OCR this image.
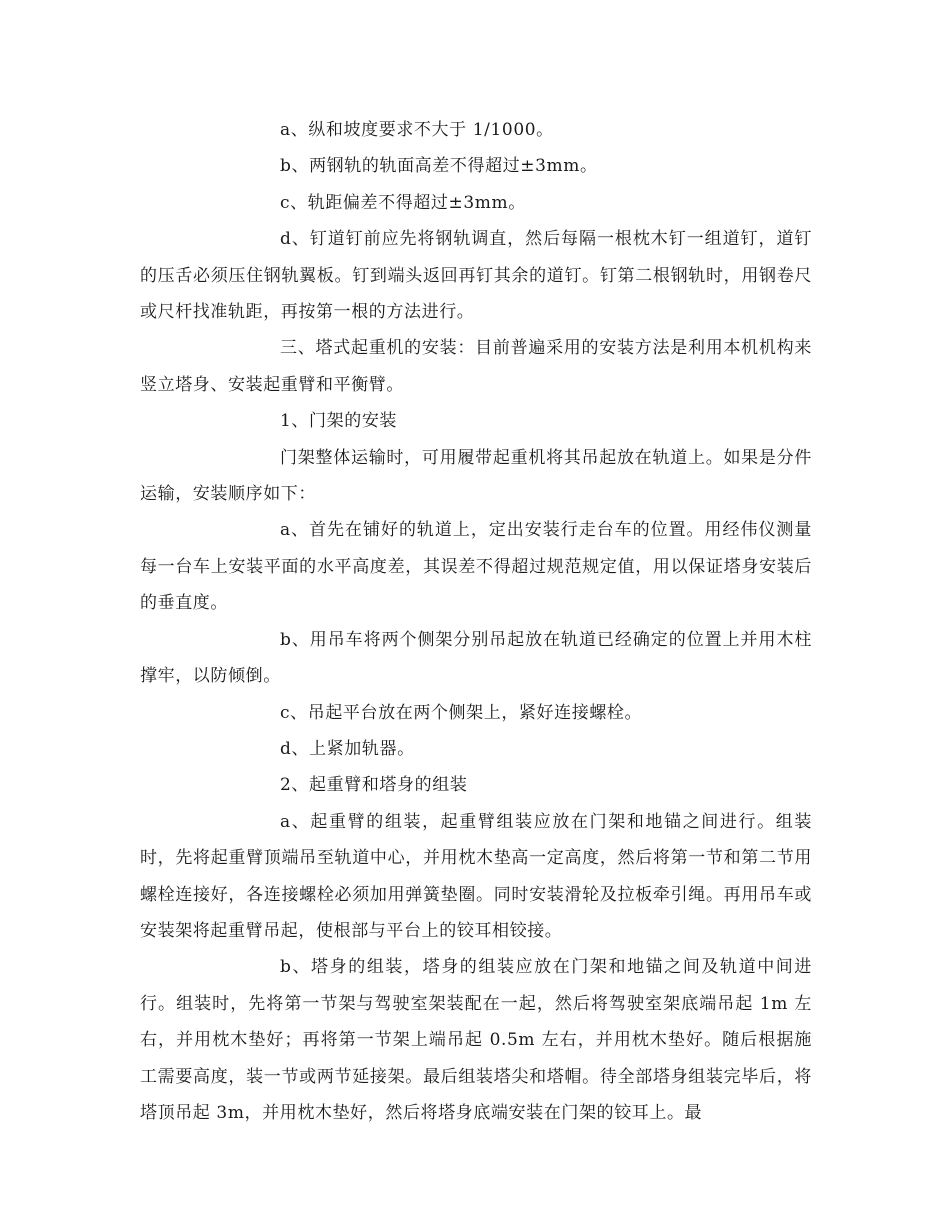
a、纵和坡度要求不大于 1/1000。

b、两钢轨的轨面高差不得超过±3mm。

c、轨距偏差不得超过±3mm。

d、钉道钉前应先将钢轨调直，然后每隔一根枕木钉一组道钉，道钉的压舌必须压住钢轨翼板。钉到端头返回再钉其余的道钉。钉第二根钢轨时，用钢卷尺或尺杆找准轨距，再按第一根的方法进行。

三、塔式起重机的安装：目前普遍采用的安装方法是利用本机机构来竖立塔身、安装起重臂和平衡臂。

1、门架的安装

门架整体运输时，可用履带起重机将其吊起放在轨道上。如果是分件运输，安装顺序如下：

a、首先在铺好的轨道上，定出安装行走台车的位置。用经伟仪测量每一台车上安装平面的水平高度差，其误差不得超过规范规定值，用以保证塔身安装后的垂直度。

b、用吊车将两个侧架分别吊起放在轨道已经确定的位置上并用木柱撑牢，以防倾倒。

c、吊起平台放在两个侧架上，紧好连接螺栓。

d、上紧加轨器。

2、起重臂和塔身的组装

a、起重臂的组装，起重臂组装应放在门架和地锚之间进行。组装时，先将起重臂顶端吊至轨道中心，并用枕木垫高一定高度，然后将第一节和第二节用螺栓连接好，各连接螺栓必须加用弹簧垫圈。同时安装滑轮及拉板牵引绳。再用吊车或安装架将起重臂吊起，使根部与平台上的铰耳相铰接。

b、塔身的组装，塔身的组装应放在门架和地锚之间及轨道中间进行。组装时，先将第一节架与驾驶室架装配在一起，然后将驾驶室架底端吊起 1m 左右，并用枕木垫好；再将第一节架上端吊起 0.5m 左右，并用枕木垫好。随后根据施工需要高度，装一节或两节延接架。最后组装塔尖和塔帽。待全部塔身组装完毕后，将塔顶吊起 3m，并用枕木垫好，然后将塔身底端安装在门架的铰耳上。最
